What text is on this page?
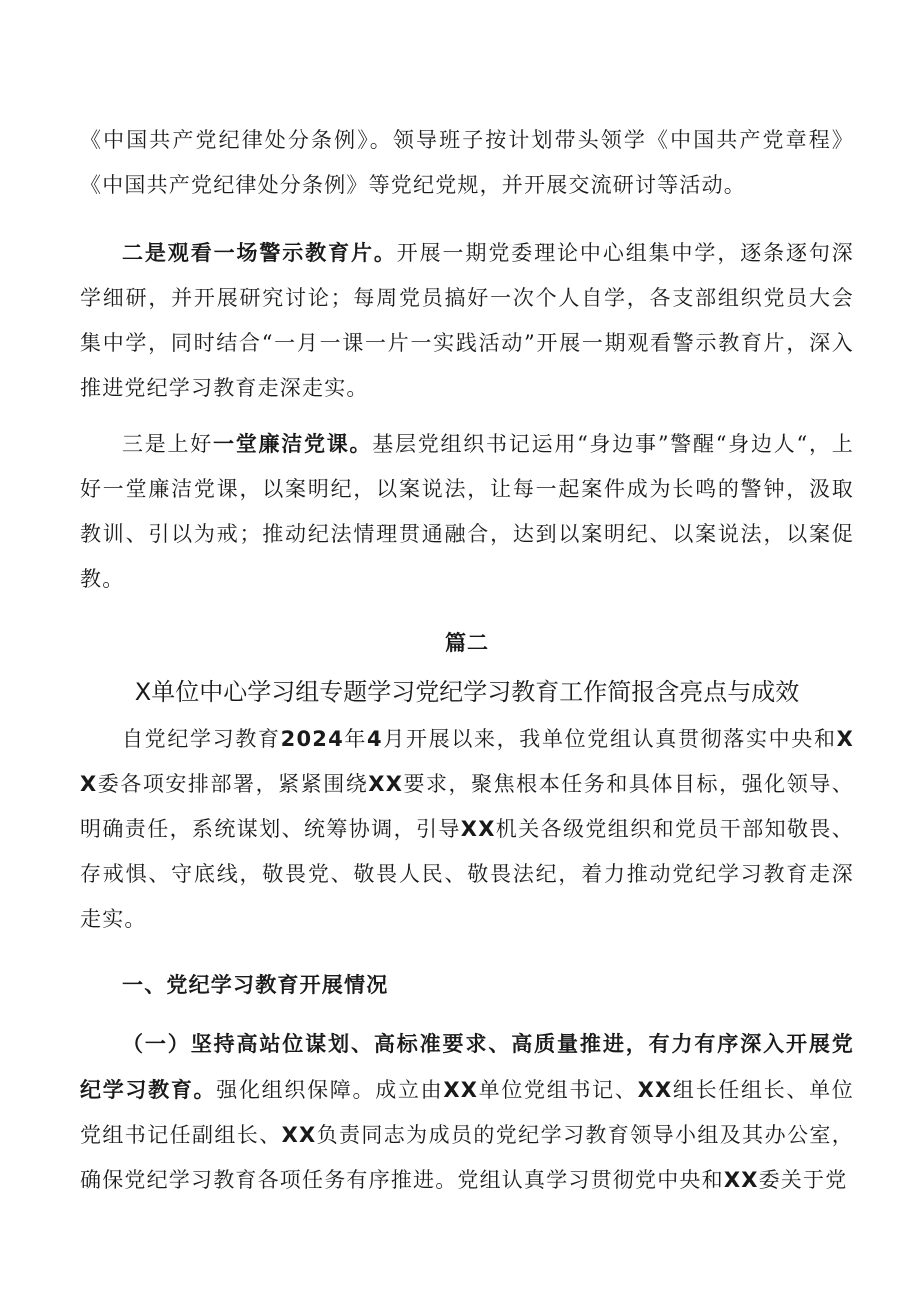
《中国共产党纪律处分条例》。领导班子按计划带头领学《中国共产党章程》《中国共产党纪律处分条例》等党纪党规，并开展交流研讨等活动。

二是观看一场警示教育片。开展一期党委理论中心组集中学，逐条逐句深学细研，并开展研究讨论；每周党员搞好一次个人自学，各支部组织党员大会集中学，同时结合“一月一课一片一实践活动”开展一期观看警示教育片，深入推进党纪学习教育走深走实。

三是上好一堂廉洁党课。基层党组织书记运用“身边事”警醒“身边人“，上好一堂廉洁党课，以案明纪，以案说法，让每一起案件成为长鸣的警钟，汲取教训、引以为戒；推动纪法情理贯通融合，达到以案明纪、以案说法，以案促教。

篇二
X单位中心学习组专题学习党纪学习教育工作简报含亮点与成效

自党纪学习教育2024年4月开展以来，我单位党组认真贯彻落实中央和XX委各项安排部署，紧紧围绕XX要求，聚焦根本任务和具体目标，强化领导、明确责任，系统谋划、统筹协调，引导XX机关各级党组织和党员干部知敬畏、存戒惧、守底线，敬畏党、敬畏人民、敬畏法纪，着力推动党纪学习教育走深走实。

一、党纪学习教育开展情况

（一）坚持高站位谋划、高标准要求、高质量推进，有力有序深入开展党纪学习教育。强化组织保障。成立由XX单位党组书记、XX组长任组长、单位党组书记任副组长、XX负责同志为成员的党纪学习教育领导小组及其办公室，确保党纪学习教育各项任务有序推进。党组认真学习贯彻党中央和XX委关于党
